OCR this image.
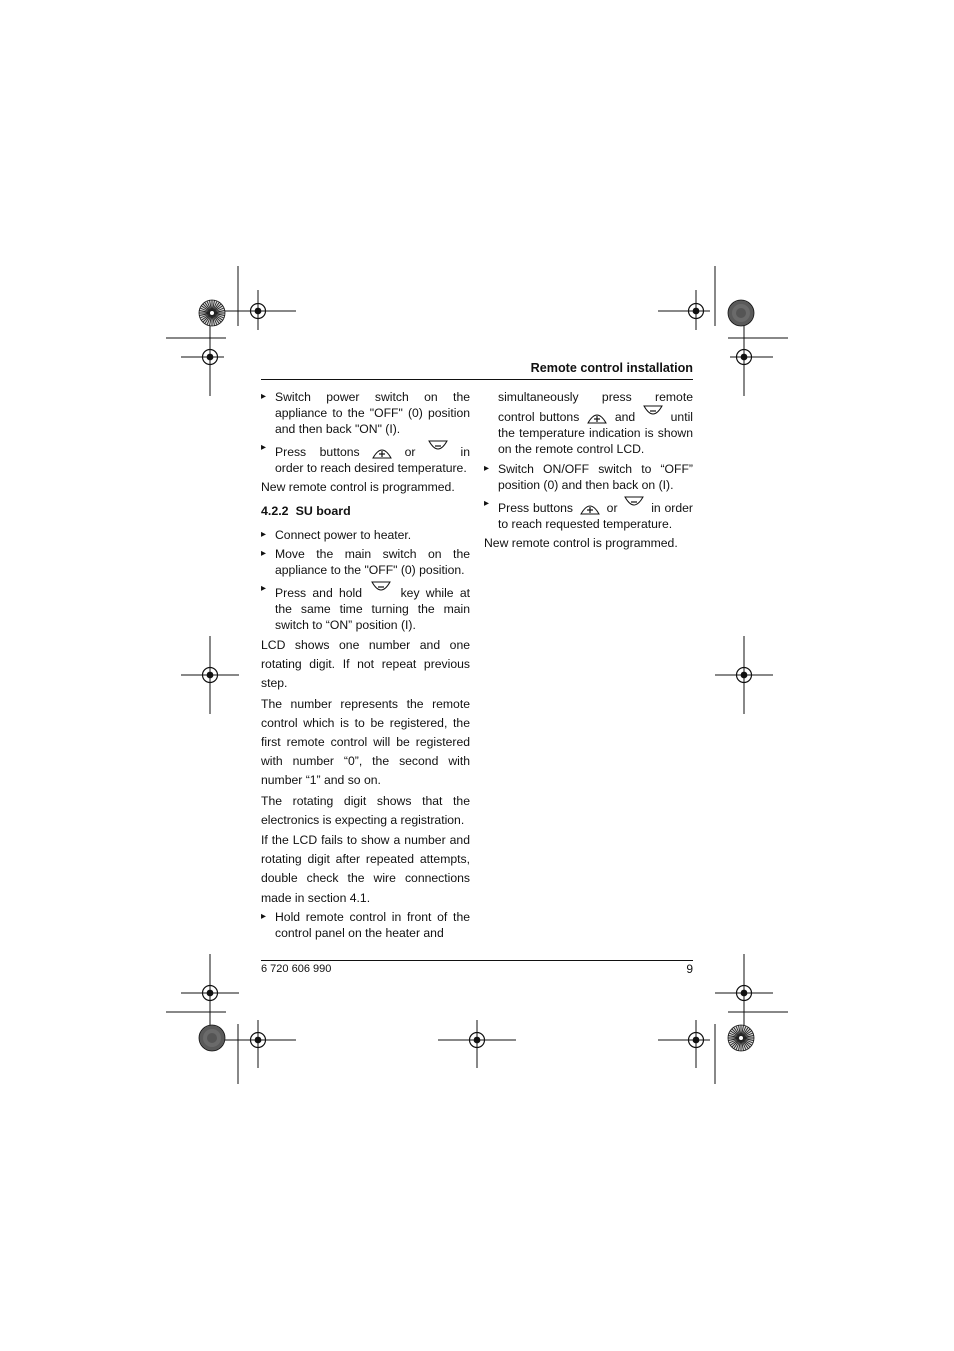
Remote control installation
▸ Switch power switch on the appliance to the "OFF" (0) position and then back "ON" (I).
▸ Press buttons	or	in order to reach desired temperature.

New remote control is programmed.

4.2.2 SU board
▸ Connect power to heater.
▸ Move the main switch on the appliance to the "OFF" (0) position.
▸ Press and hold	key while at the same time turning the main switch to “ON” position (I).

LCD shows one number and one rotating digit. If not repeat previous step.

The number represents the remote control which is to be registered, the first remote control will be registered with number “0”, the second with number “1” and so on.

The rotating digit shows that the electronics is expecting a registration.

If the LCD fails to show a number and rotating digit after repeated attempts, double check the wire connections made in section 4.1.

▸ Hold remote control in front of the control panel on the heater and
simultaneously press remote control buttons	and	until the temperature indication is shown on the remote control LCD.
▸ Switch ON/OFF switch to “OFF” position (0) and then back on (I).
▸ Press buttons	or	in order to reach requested temperature.

New remote control is programmed.

6 720 606 990	9
